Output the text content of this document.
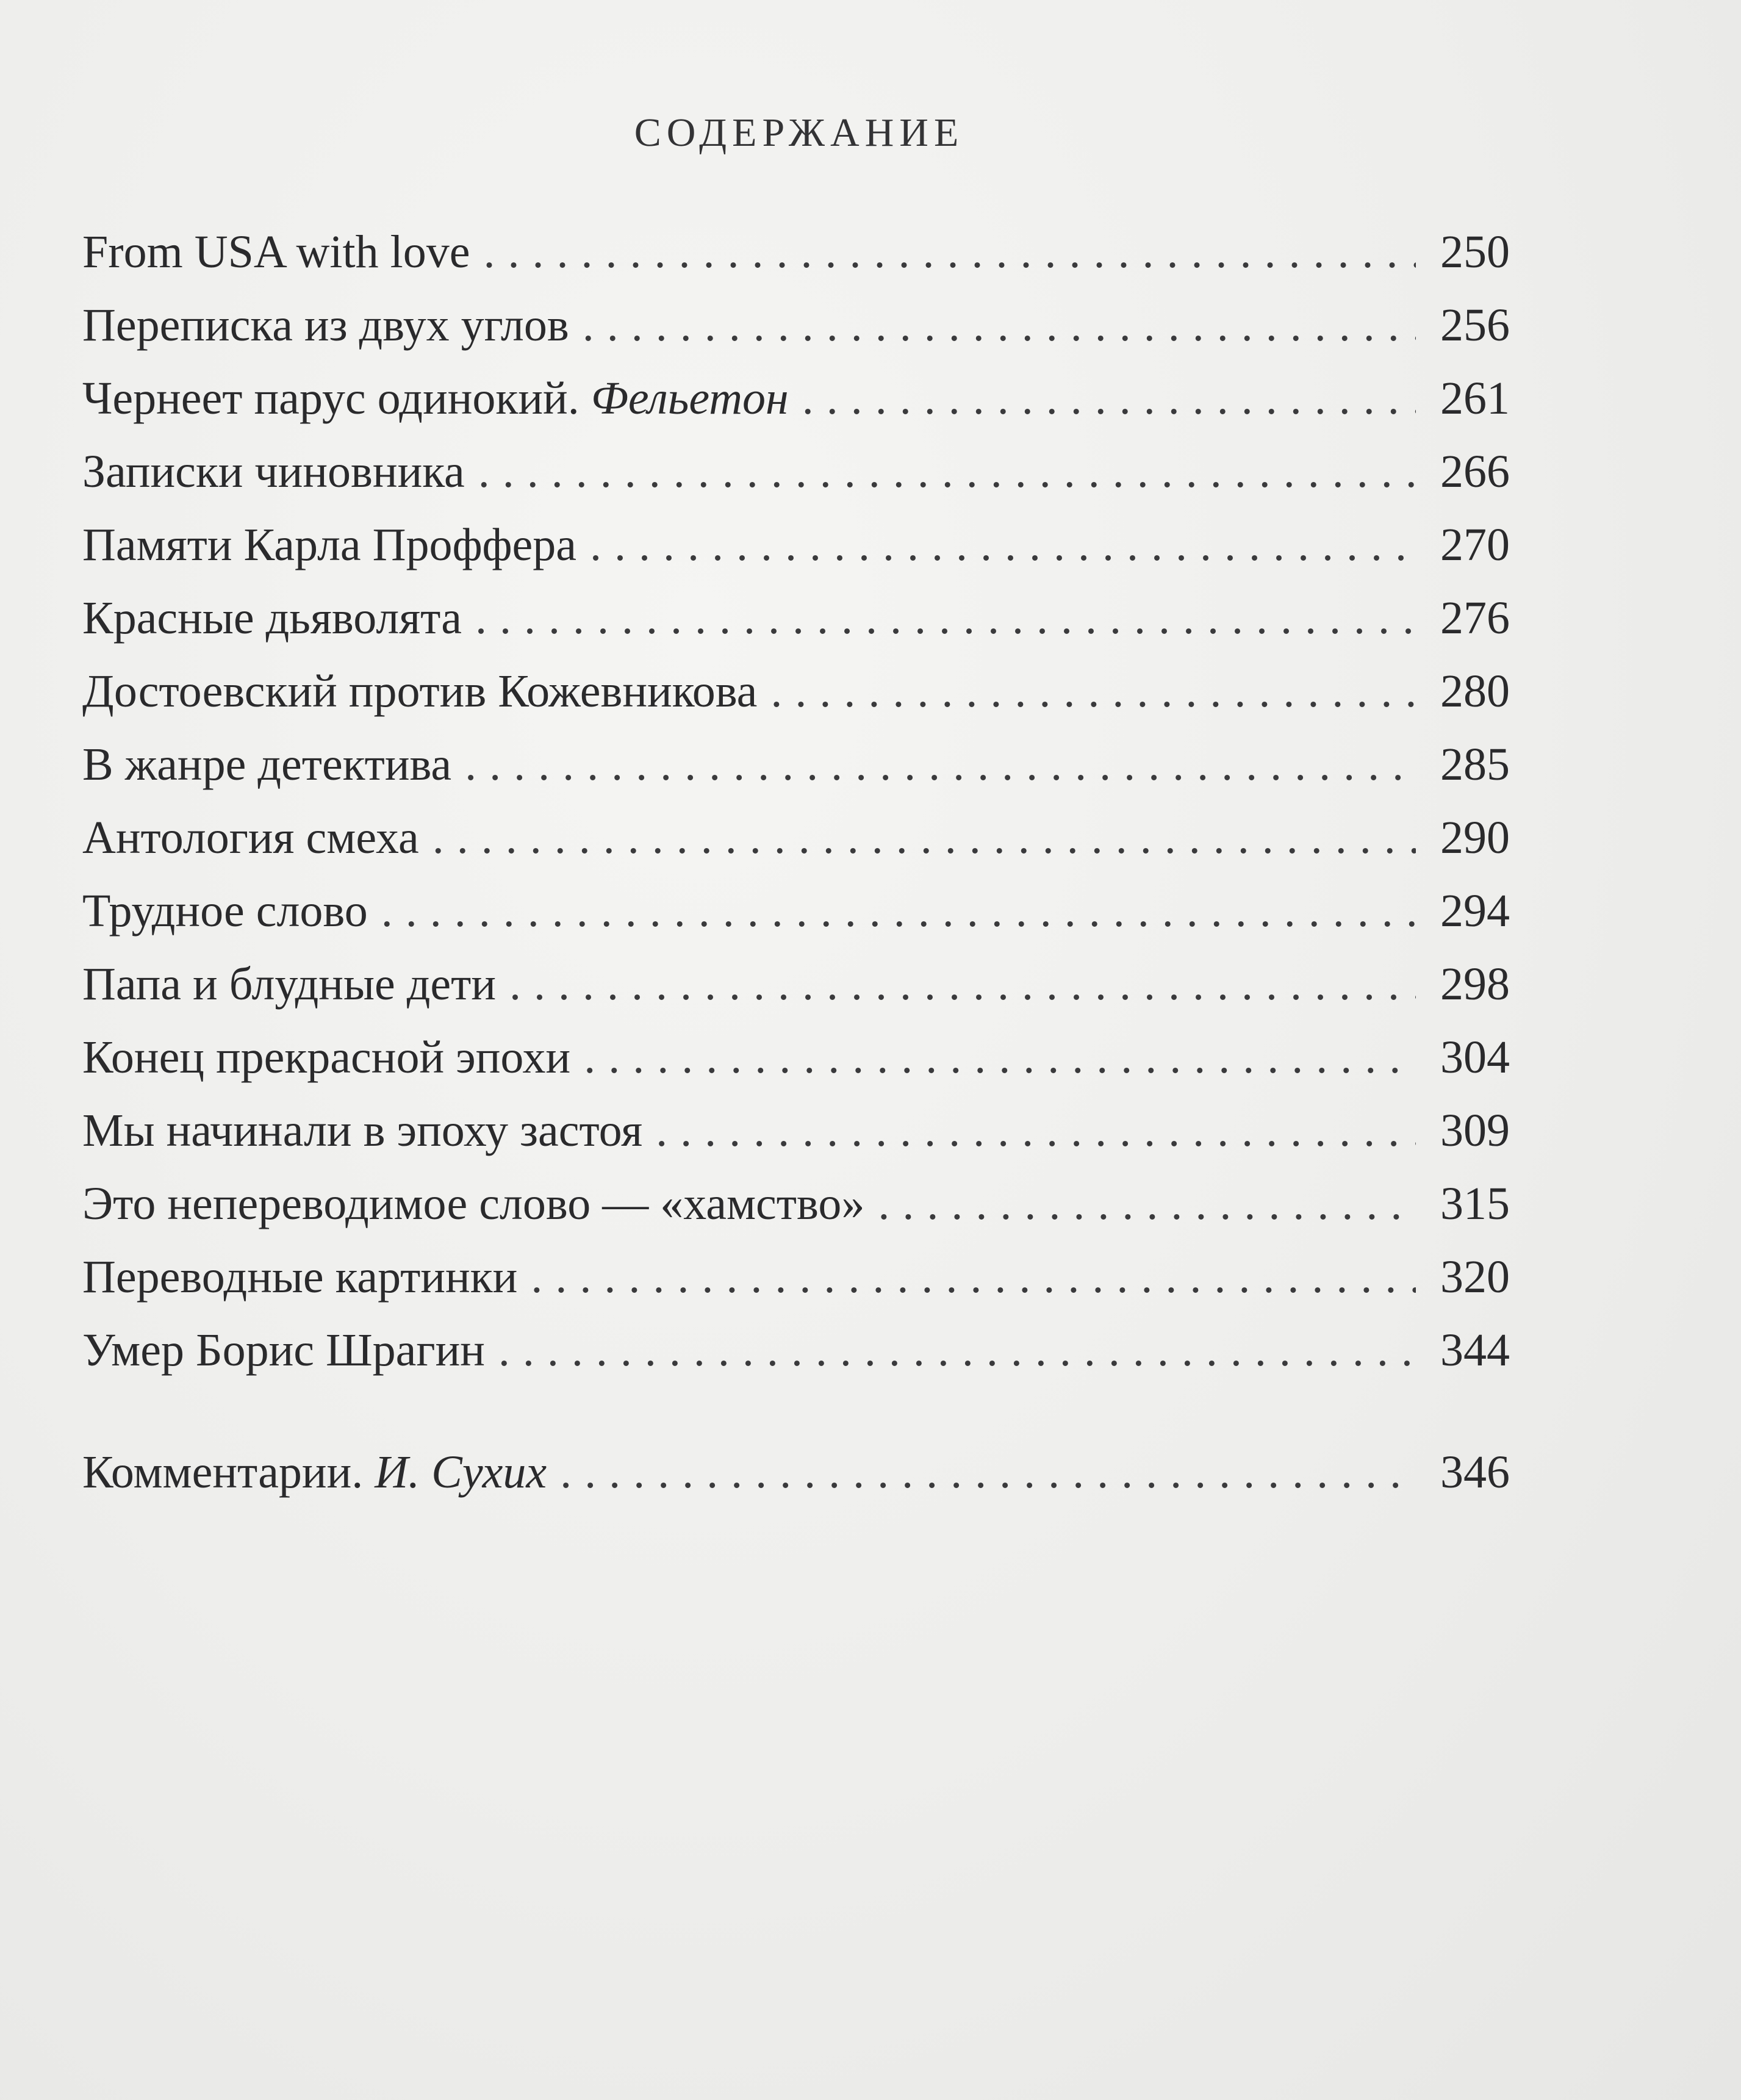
СОДЕРЖАНИЕ
From USA with love . . .	250
Переписка из двух углов . . .	256
Чернеет парус одинокий. Фельетон . . .	261
Записки чиновника . . .	266
Памяти Карла Проффера . . .	270
Красные дьяволята . . .	276
Достоевский против Кожевникова . . .	280
В жанре детектива . . .	285
Антология смеха . . .	290
Трудное слово . . .	294
Папа и блудные дети . . .	298
Конец прекрасной эпохи . . .	304
Мы начинали в эпоху застоя . . .	309
Это непереводимое слово — «хамство» . . .	315
Переводные картинки . . .	320
Умер Борис Шрагин . . .	344
Комментарии. И. Сухих . . .	346
